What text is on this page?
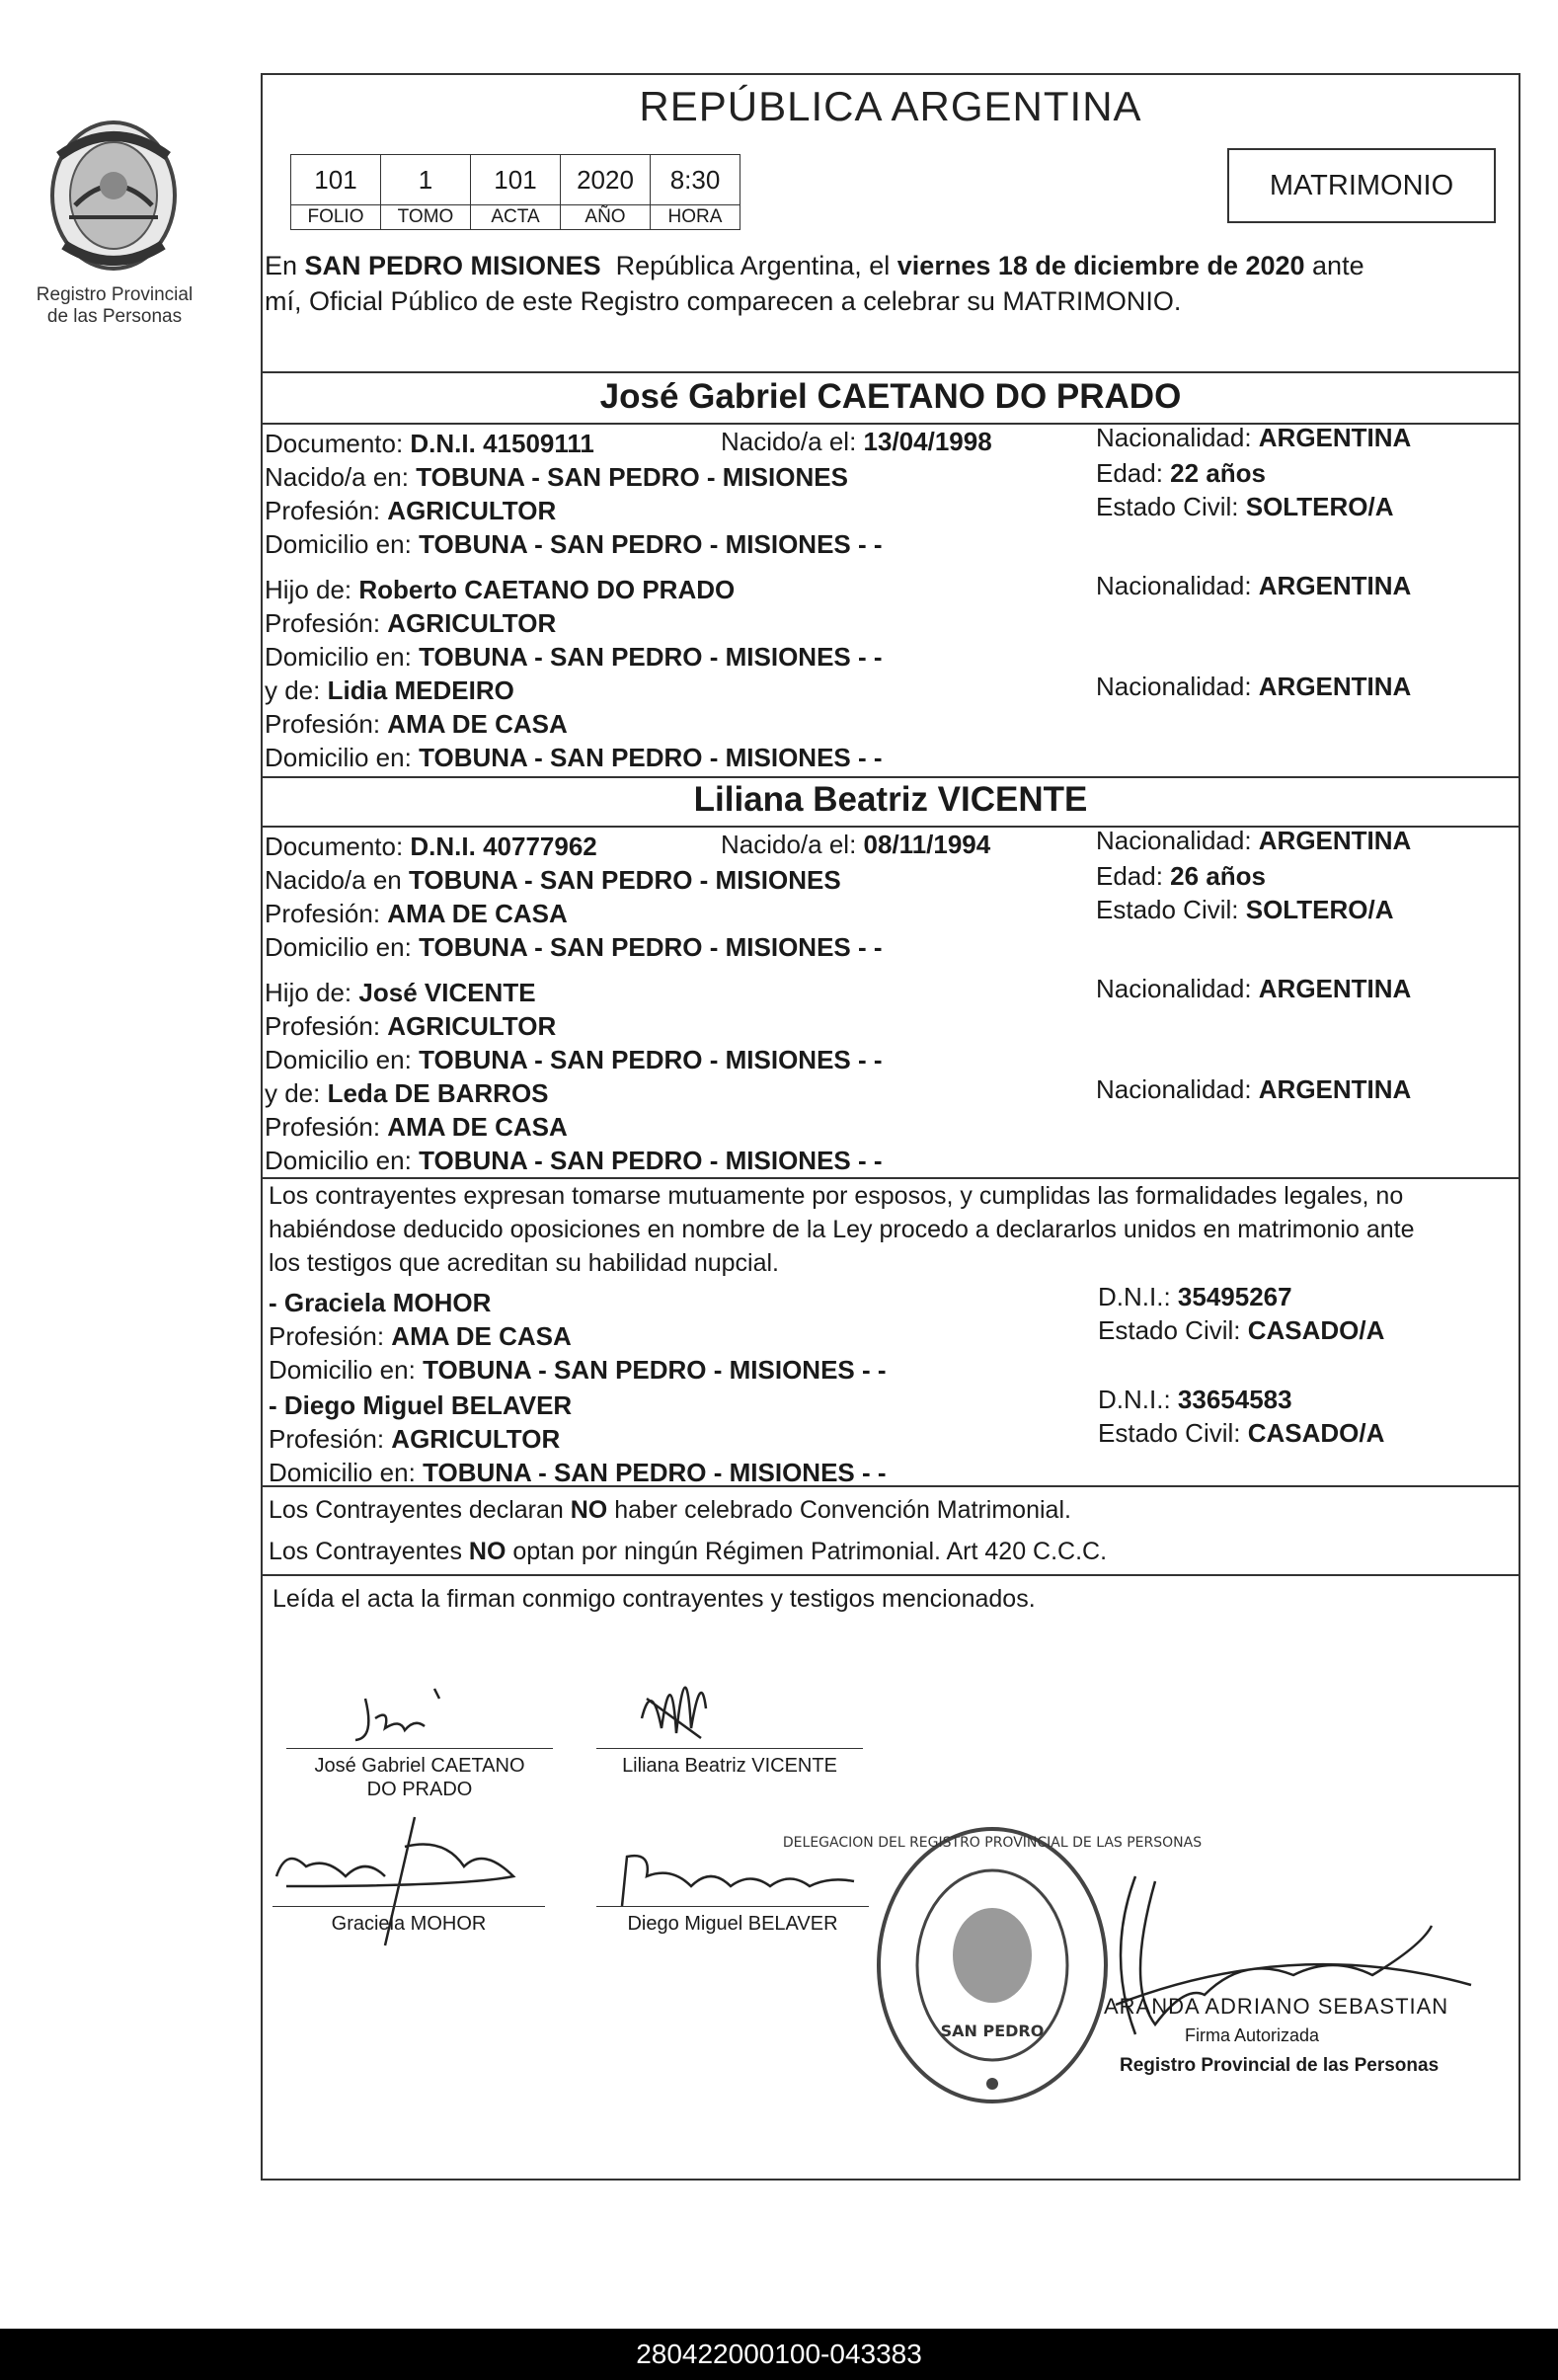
Registro Provincial
de las Personas
REPÚBLICA ARGENTINA
101	1	101	2020	8:30
FOLIO	TOMO	ACTA	AÑO	HORA
MATRIMONIO
En SAN PEDRO MISIONES  República Argentina, el viernes 18 de diciembre de 2020 ante
mí, Oficial Público de este Registro comparecen a celebrar su MATRIMONIO.
José Gabriel CAETANO DO PRADO
Documento: D.N.I. 41509111	Nacido/a el: 13/04/1998	Nacionalidad: ARGENTINA
Nacido/a en: TOBUNA - SAN PEDRO - MISIONES	Edad: 22 años
Profesión: AGRICULTOR	Estado Civil: SOLTERO/A
Domicilio en: TOBUNA - SAN PEDRO - MISIONES - -
Hijo de: Roberto CAETANO DO PRADO	Nacionalidad: ARGENTINA
Profesión: AGRICULTOR
Domicilio en: TOBUNA - SAN PEDRO - MISIONES - -
y de: Lidia MEDEIRO	Nacionalidad: ARGENTINA
Profesión: AMA DE CASA
Domicilio en: TOBUNA - SAN PEDRO - MISIONES - -
Liliana Beatriz VICENTE
Documento: D.N.I. 40777962	Nacido/a el: 08/11/1994	Nacionalidad: ARGENTINA
Nacido/a en TOBUNA - SAN PEDRO - MISIONES	Edad: 26 años
Profesión: AMA DE CASA	Estado Civil: SOLTERO/A
Domicilio en: TOBUNA - SAN PEDRO - MISIONES - -
Hijo de: José VICENTE	Nacionalidad: ARGENTINA
Profesión: AGRICULTOR
Domicilio en: TOBUNA - SAN PEDRO - MISIONES - -
y de: Leda DE BARROS	Nacionalidad: ARGENTINA
Profesión: AMA DE CASA
Domicilio en: TOBUNA - SAN PEDRO - MISIONES - -
Los contrayentes expresan tomarse mutuamente por esposos, y cumplidas las formalidades legales, no
habiéndose deducido oposiciones en nombre de la Ley procedo a declararlos unidos en matrimonio ante
los testigos que acreditan su habilidad nupcial.
- Graciela MOHOR	D.N.I.: 35495267
Profesión: AMA DE CASA	Estado Civil: CASADO/A
Domicilio en: TOBUNA - SAN PEDRO - MISIONES - -
- Diego Miguel BELAVER	D.N.I.: 33654583
Profesión: AGRICULTOR	Estado Civil: CASADO/A
Domicilio en: TOBUNA - SAN PEDRO - MISIONES - -
Los Contrayentes declaran NO haber celebrado Convención Matrimonial.
Los Contrayentes NO optan por ningún Régimen Patrimonial. Art 420 C.C.C.
Leída el acta la firman conmigo contrayentes y testigos mencionados.
José Gabriel CAETANO
DO PRADO
Liliana Beatriz VICENTE
Graciela MOHOR	Diego Miguel BELAVER
DELEGACION DEL REGISTRO PROVINCIAL DE LAS PERSONAS
SAN PEDRO
ARANDA ADRIANO SEBASTIAN
Firma Autorizada
Registro Provincial de las Personas
280422000100-043383
